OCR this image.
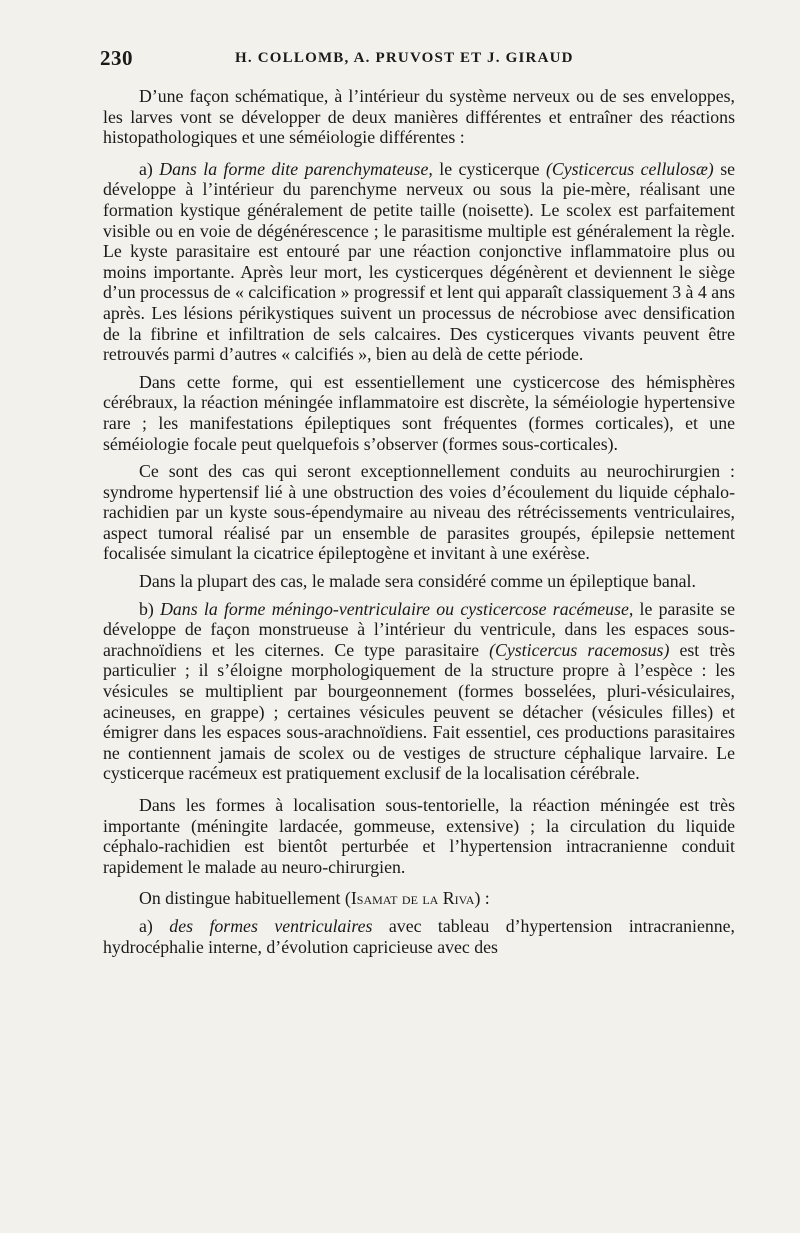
230	H. COLLOMB, A. PRUVOST ET J. GIRAUD

D’une façon schématique, à l’intérieur du système nerveux ou de ses enveloppes, les larves vont se développer de deux manières différentes et entraîner des réactions histopathologiques et une séméiologie différentes :

a) Dans la forme dite parenchymateuse, le cysticerque (Cysticercus cellulosæ) se développe à l’intérieur du parenchyme nerveux ou sous la pie-mère, réalisant une formation kystique généralement de petite taille (noisette). Le scolex est parfaitement visible ou en voie de dégénérescence ; le parasitisme multiple est généralement la règle. Le kyste parasitaire est entouré par une réaction conjonctive inflammatoire plus ou moins importante. Après leur mort, les cysticerques dégénèrent et deviennent le siège d’un processus de « calcification » progressif et lent qui apparaît classiquement 3 à 4 ans après. Les lésions périkystiques suivent un processus de nécrobiose avec densification de la fibrine et infiltration de sels calcaires. Des cysticerques vivants peuvent être retrouvés parmi d’autres « calcifiés », bien au delà de cette période.

Dans cette forme, qui est essentiellement une cysticercose des hémisphères cérébraux, la réaction méningée inflammatoire est discrète, la séméiologie hypertensive rare ; les manifestations épileptiques sont fréquentes (formes corticales), et une séméiologie focale peut quelquefois s’observer (formes sous-corticales).

Ce sont des cas qui seront exceptionnellement conduits au neurochirurgien : syndrome hypertensif lié à une obstruction des voies d’écoulement du liquide céphalo-rachidien par un kyste sous-épendymaire au niveau des rétrécissements ventriculaires, aspect tumoral réalisé par un ensemble de parasites groupés, épilepsie nettement focalisée simulant la cicatrice épileptogène et invitant à une exérèse.

Dans la plupart des cas, le malade sera considéré comme un épileptique banal.

b) Dans la forme méningo-ventriculaire ou cysticercose racémeuse, le parasite se développe de façon monstrueuse à l’intérieur du ventricule, dans les espaces sous-arachnoïdiens et les citernes. Ce type parasitaire (Cysticercus racemosus) est très particulier ; il s’éloigne morphologiquement de la structure propre à l’espèce : les vésicules se multiplient par bourgeonnement (formes bosselées, pluri-vésiculaires, acineuses, en grappe) ; certaines vésicules peuvent se détacher (vésicules filles) et émigrer dans les espaces sous-arachnoïdiens. Fait essentiel, ces productions parasitaires ne contiennent jamais de scolex ou de vestiges de structure céphalique larvaire. Le cysticerque racémeux est pratiquement exclusif de la localisation cérébrale.

Dans les formes à localisation sous-tentorielle, la réaction méningée est très importante (méningite lardacée, gommeuse, extensive) ; la circulation du liquide céphalo-rachidien est bientôt perturbée et l’hypertension intracranienne conduit rapidement le malade au neuro-chirurgien.

On distingue habituellement (Isamat de la Riva) :

a) des formes ventriculaires avec tableau d’hypertension intracranienne, hydrocéphalie interne, d’évolution capricieuse avec des
